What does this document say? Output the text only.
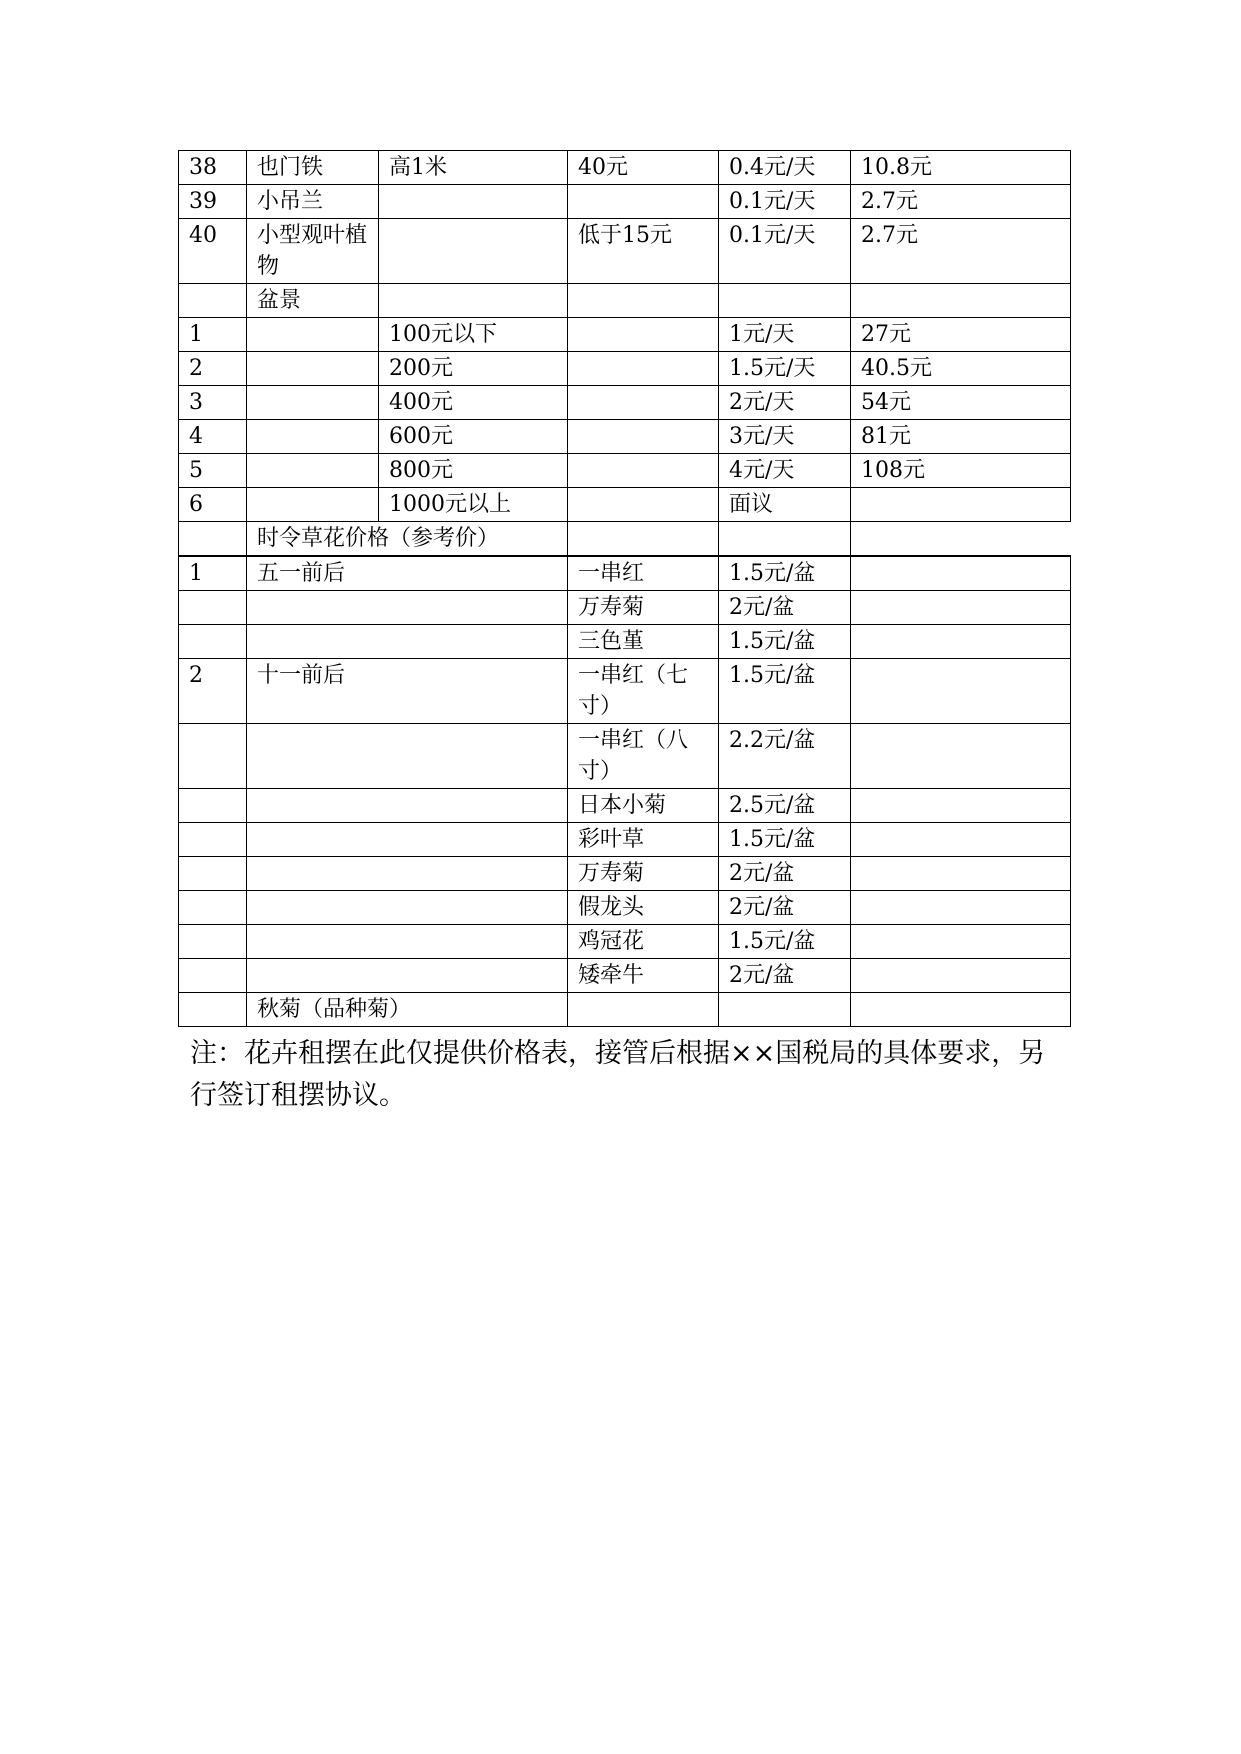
38	也门铁	高1米	40元	0.4元/天	10.8元
39	小吊兰			0.1元/天	2.7元
40	小型观叶植物		低于15元	0.1元/天	2.7元
	盆景				
1		100元以下		1元/天	27元
2		200元		1.5元/天	40.5元
3		400元		2元/天	54元
4		600元		3元/天	81元
5		800元		4元/天	108元
6		1000元以上		面议	
	时令草花价格（参考价）				
1	五一前后		一串红	1.5元/盆	
			万寿菊	2元/盆	
			三色堇	1.5元/盆	
2	十一前后		一串红（七寸）	1.5元/盆	
			一串红（八寸）	2.2元/盆	
			日本小菊	2.5元/盆	
			彩叶草	1.5元/盆	
			万寿菊	2元/盆	
			假龙头	2元/盆	
			鸡冠花	1.5元/盆	
			矮牵牛	2元/盆	
	秋菊（品种菊）				
注：花卉租摆在此仅提供价格表，接管后根据××国税局的具体要求，另行签订租摆协议。
